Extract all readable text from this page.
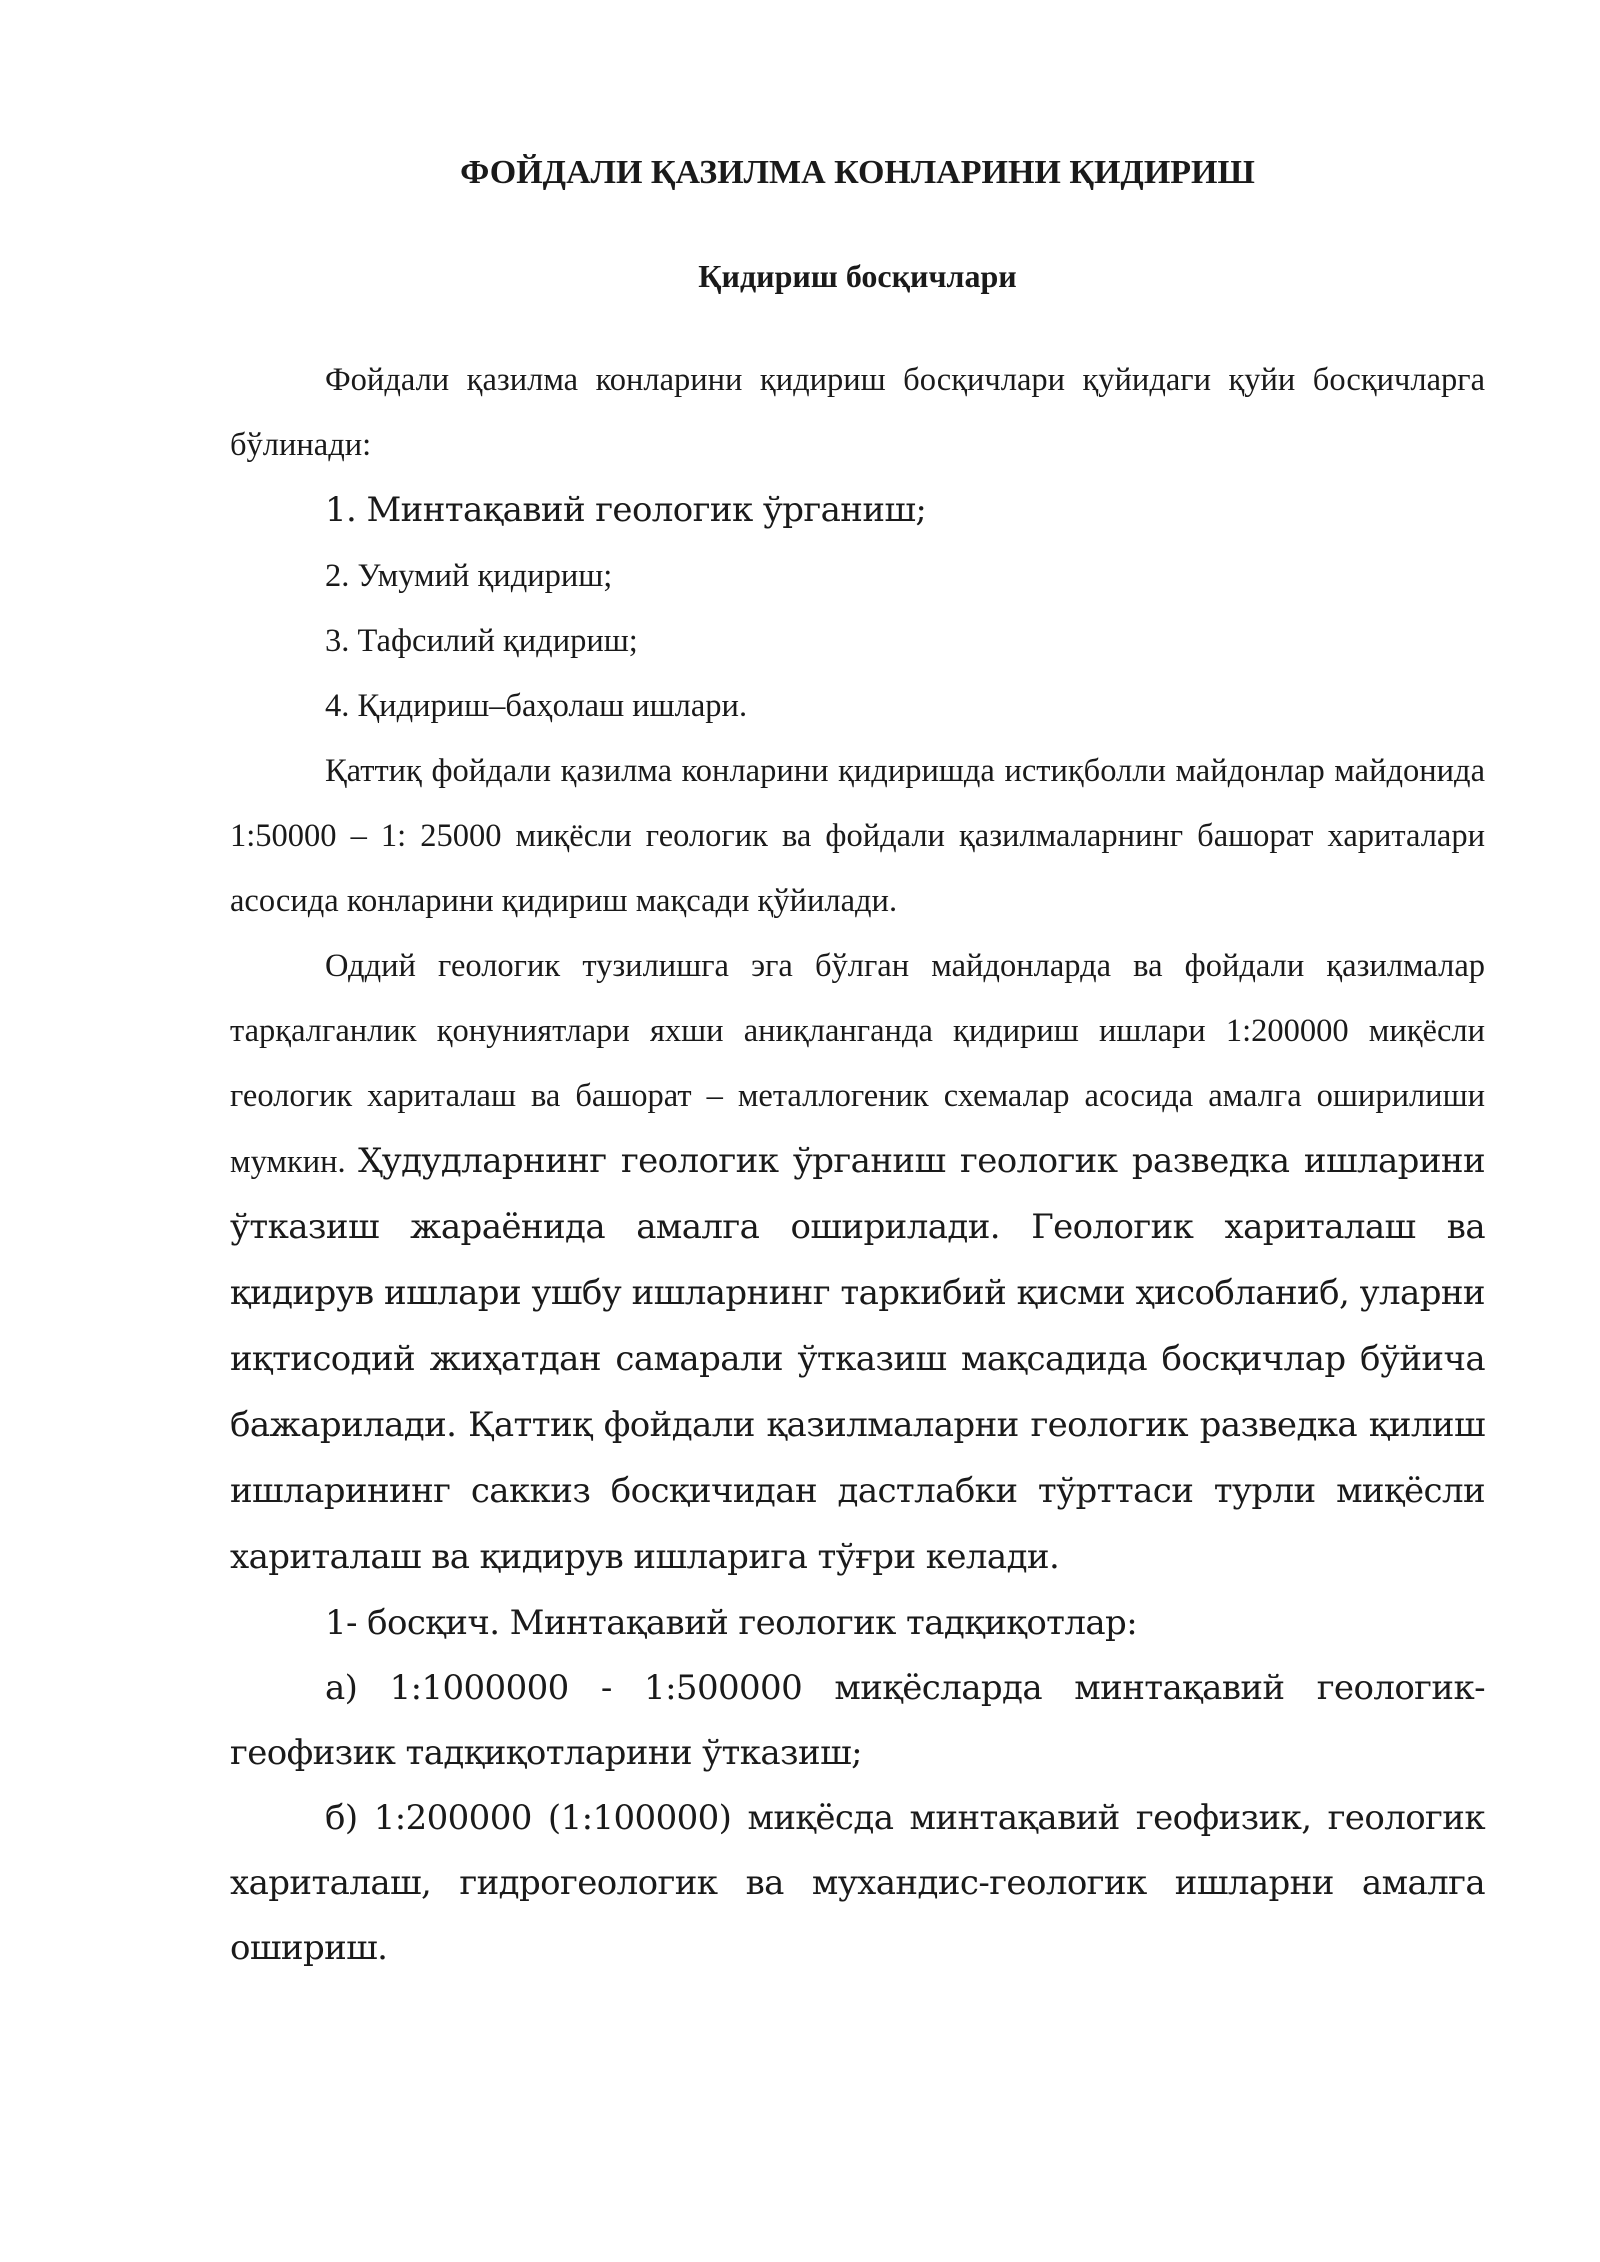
ФОЙДАЛИ ҚАЗИЛМА КОНЛАРИНИ ҚИДИРИШ
Қидириш босқичлари

Фойдали қазилма конларини қидириш босқичлари қуйидаги қуйи босқичларга бўлинади:

1. Минтақавий геологик ўрганиш;

2. Умумий қидириш;

3. Тафсилий қидириш;

4. Қидириш–баҳолаш ишлари.

Қаттиқ фойдали қазилма конларини қидиришда истиқболли майдонлар майдонида 1:50000 – 1: 25000 миқёсли геологик ва фойдали қазилмаларнинг башорат хариталари асосида конларини қидириш мақсади қўйилади.

Оддий геологик тузилишга эга бўлган майдонларда ва фойдали қазилмалар тарқалганлик қонуниятлари яхши аниқланганда қидириш ишлари 1:200000 миқёсли геологик хариталаш ва башорат – металлогеник схемалар асосида амалга оширилиши мумкин. Ҳудудларнинг геологик ўрганиш геологик разведка ишларини ўтказиш жараёнида амалга оширилади. Геологик хариталаш ва қидирув ишлари ушбу ишларнинг таркибий қисми ҳисобланиб, уларни иқтисодий жиҳатдан самарали ўтказиш мақсадида босқичлар бўйича бажарилади. Қаттиқ фойдали қазилмаларни геологик разведка қилиш ишларининг саккиз босқичидан дастлабки тўрттаси турли миқёсли хариталаш ва қидирув ишларига тўғри келади.

1- босқич. Минтақавий геологик тадқиқотлар:

а) 1:1000000 - 1:500000 миқёсларда минтақавий геологик-геофизик тадқиқотларини ўтказиш;

б) 1:200000 (1:100000) миқёсда минтақавий геофизик, геологик хариталаш, гидрогеологик ва мухандис-геологик ишларни амалга ошириш.
